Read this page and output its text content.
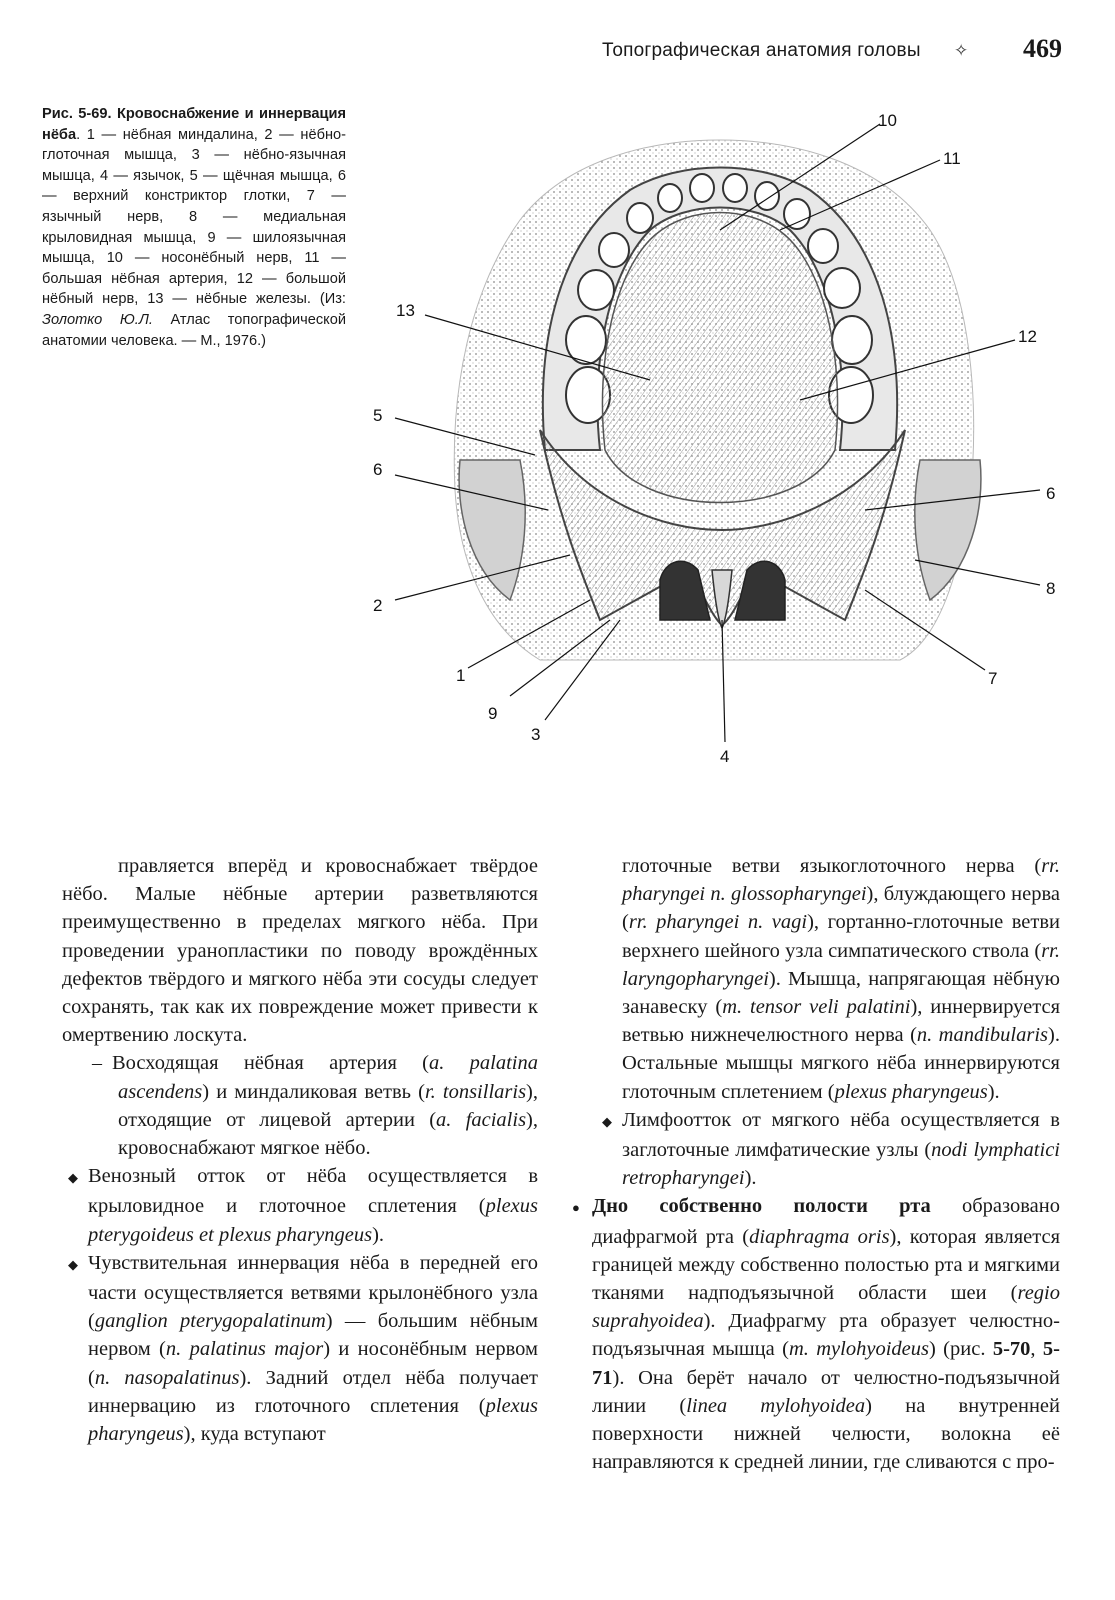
Топографическая анатомия головы ✧ 469
Рис. 5-69. Кровоснабжение и иннервация нёба. 1 — нёбная миндалина, 2 — нёбно-глоточная мышца, 3 — нёбно-язычная мышца, 4 — язычок, 5 — щёчная мышца, 6 — верхний констриктор глотки, 7 — язычный нерв, 8 — медиальная крыловидная мышца, 9 — шилоязычная мышца, 10 — носонёбный нерв, 11 — большая нёбная артерия, 12 — большой нёбный нерв, 13 — нёбные железы. (Из: Золотко Ю.Л. Атлас топографической анатомии человека. — М., 1976.)
10
11
13
12
5
6
6
8
2
7
1
9
3
4

правляется вперёд и кровоснабжает твёрдое нёбо. Малые нёбные артерии разветвляются преимущественно в пределах мягкого нёба. При проведении уранопластики по поводу врождённых дефектов твёрдого и мягкого нёба эти сосуды следует сохранять, так как их повреждение может привести к омертвению лоскута.

– Восходящая нёбная артерия (a. palatina ascendens) и миндаликовая ветвь (r. tonsillaris), отходящие от лицевой артерии (a. facialis), кровоснабжают мягкое нёбо.

◆ Венозный отток от нёба осуществляется в крыловидное и глоточное сплетения (plexus pterygoideus et plexus pharyngeus).

◆ Чувствительная иннервация нёба в передней его части осуществляется ветвями крылонёбного узла (ganglion pterygopalatinum) — большим нёбным нервом (n. palatinus major) и носонёбным нервом (n. nasopalatinus). Задний отдел нёба получает иннервацию из глоточного сплетения (plexus pharyngeus), куда вступают

глоточные ветви языкоглоточного нерва (rr. pharyngei n. glossopharyngei), блуждающего нерва (rr. pharyngei n. vagi), гортанно-глоточные ветви верхнего шейного узла симпатического ствола (rr. laryngopharyngei). Мышца, напрягающая нёбную занавеску (m. tensor veli palatini), иннервируется ветвью нижнечелюстного нерва (n. mandibularis). Остальные мышцы мягкого нёба иннервируются глоточным сплетением (plexus pharyngeus).

◆ Лимфоотток от мягкого нёба осуществляется в заглоточные лимфатические узлы (nodi lymphatici retropharyngei).

● Дно собственно полости рта образовано диафрагмой рта (diaphragma oris), которая является границей между собственно полостью рта и мягкими тканями надподъязычной области шеи (regio suprahyoidea). Диафрагму рта образует челюстно-подъязычная мышца (m. mylohyoideus) (рис. 5-70, 5-71). Она берёт начало от челюстно-подъязычной линии (linea mylohyoidea) на внутренней поверхности нижней челюсти, волокна её направляются к средней линии, где сливаются с про-
